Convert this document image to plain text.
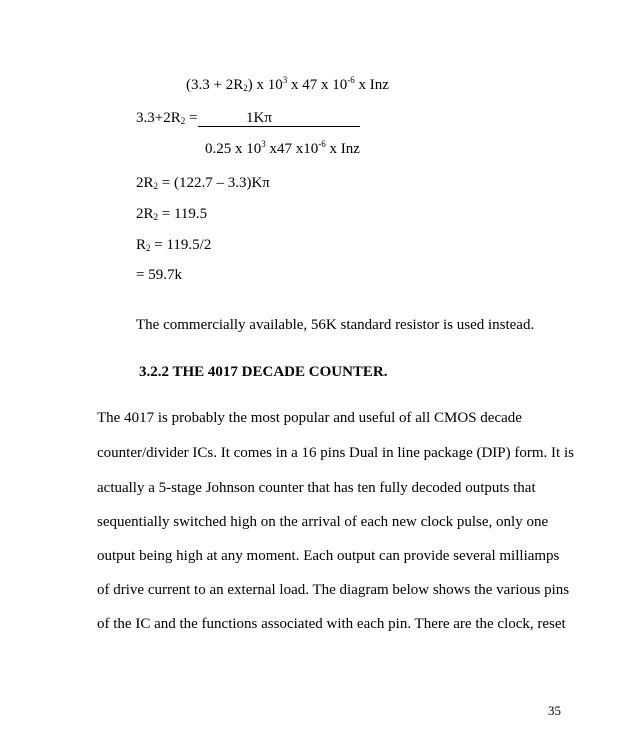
$(3.3 + 2R_2)$ x $10^3$ x 47 x $10^{-6}$ x Inz
$3.3+2R_2$ =	1Kπ
0.25 x $10^3$ x47 $x10^{-6}$ x Inz
$2R_2 = (122.7 - 3.3)K\pi$
$2R_2 = 119.5$
$R_2 = 119.5/2$
= 59.7k
The commercially available, 56K standard resistor is used instead.
3.2.2 THE 4017 DECADE COUNTER.
The 4017 is probably the most popular and useful of all CMOS decade
counter/divider ICs. It comes in a 16 pins Dual in line package (DIP) form. It is
actually a 5-stage Johnson counter that has ten fully decoded outputs that
sequentially switched high on the arrival of each new clock pulse, only one
output being high at any moment. Each output can provide several milliamps
of drive current to an external load. The diagram below shows the various pins
of the IC and the functions associated with each pin. There are the clock, reset
35
